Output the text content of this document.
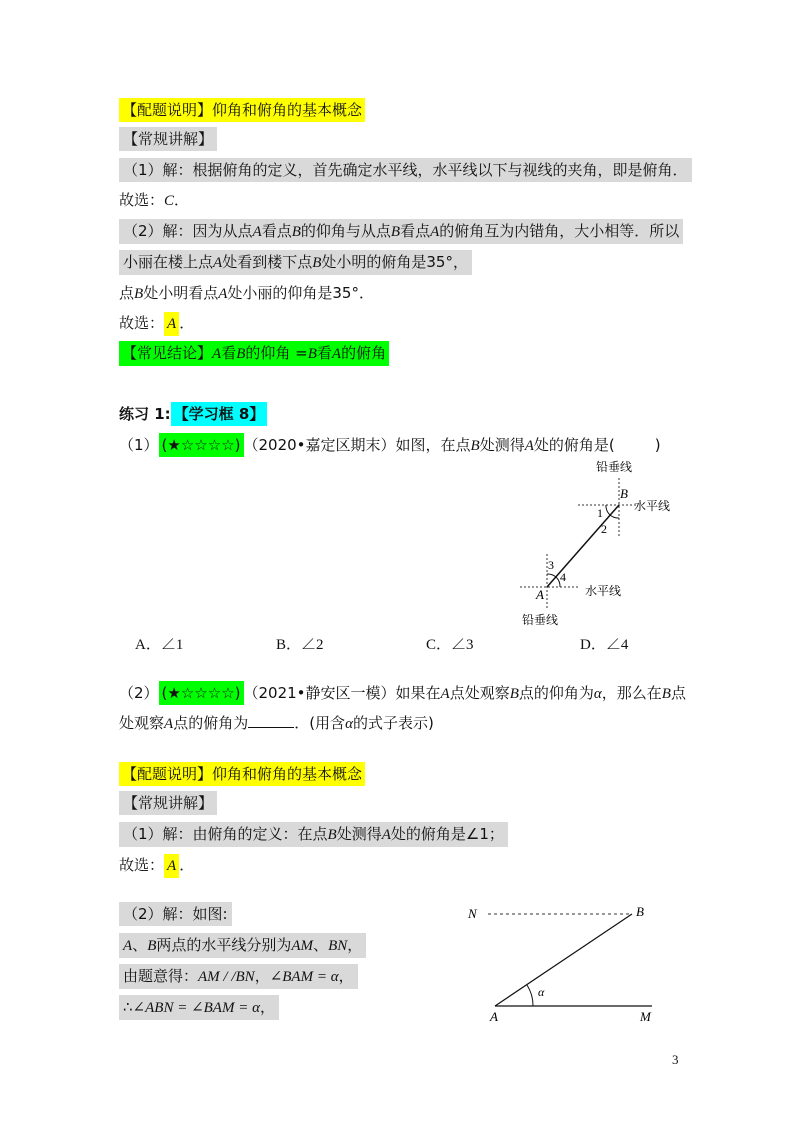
【配题说明】仰角和俯角的基本概念
【常规讲解】
（1）解：根据俯角的定义，首先确定水平线，水平线以下与视线的夹角，即是俯角．
故选：C．
（2）解：因为从点A看点B的仰角与从点B看点A的俯角互为内错角，大小相等．所以
小丽在楼上点A处看到楼下点B处小明的俯角是35°，
点B处小明看点A处小丽的仰角是35°．
故选： A ．
【常见结论】A看B的仰角 =B看A的俯角
练习 1: 【学习框 8】
（1） (★☆☆☆☆) （2020•嘉定区期末）如图，在点B处测得A处的俯角是(	)
铅垂线
B
水平线
1
2
3
4
A	水平线
铅垂线
A．∠1	B．∠2	C．∠3	D．∠4
（2） (★☆☆☆☆) （2021•静安区一模）如果在A点处观察B点的仰角为α，那么在B点
处观察A点的俯角为	．(用含α的式子表示)
【配题说明】仰角和俯角的基本概念
【常规讲解】
（1）解：由俯角的定义：在点B处测得A处的俯角是∠1；
故选： A ．
（2）解：如图:
A、B两点的水平线分别为AM、BN，
由题意得：AM / /BN，∠BAM = α，
∴∠ABN = ∠BAM = α，
N	B
A	M
α
3
